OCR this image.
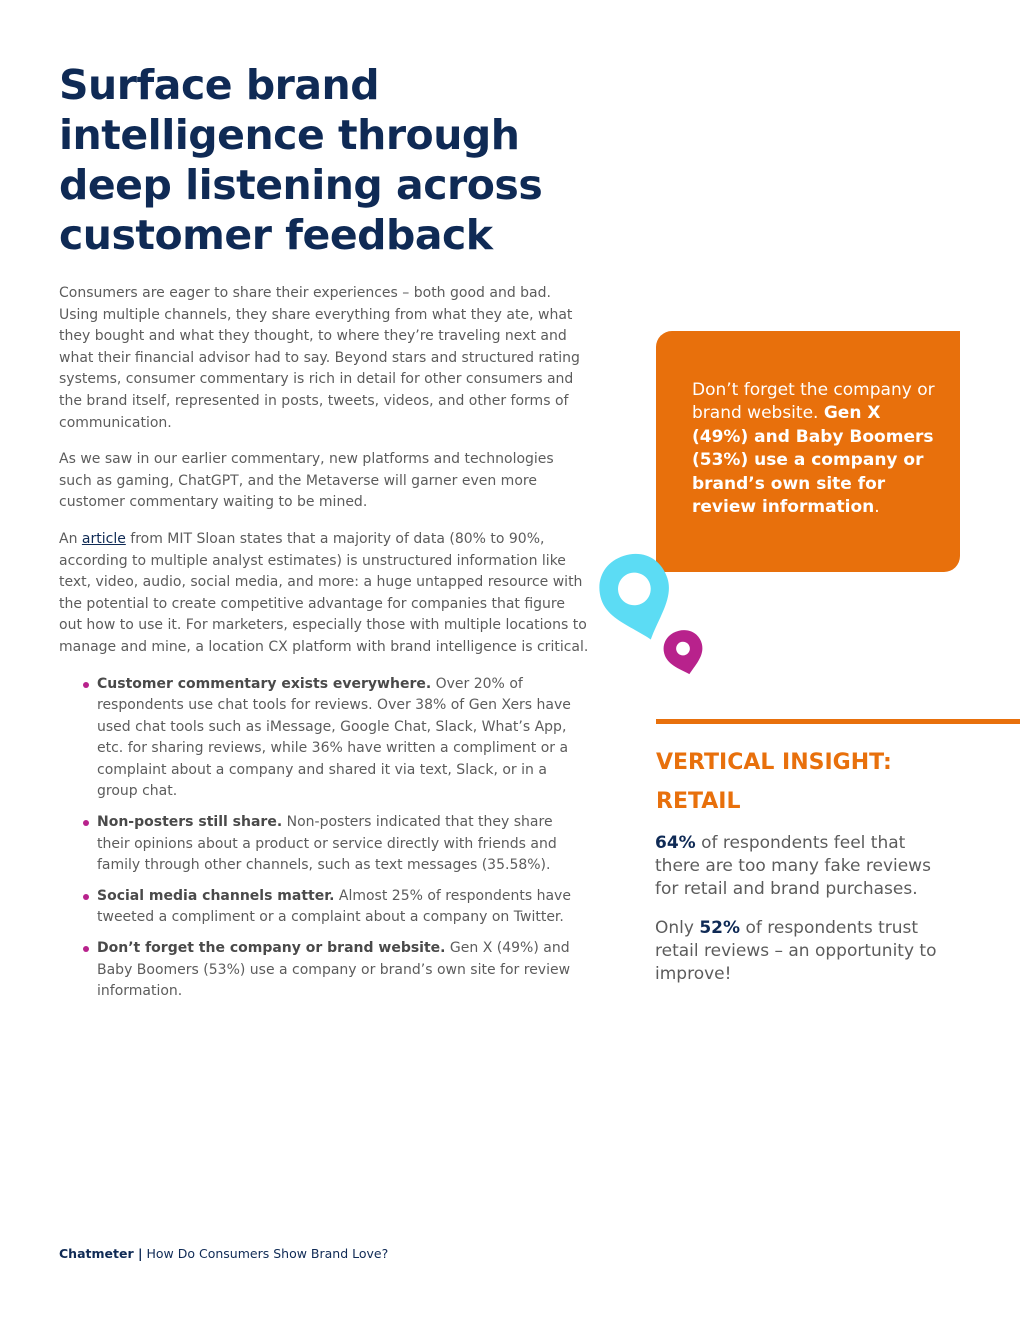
Surface brand intelligence through deep listening across customer feedback

Consumers are eager to share their experiences – both good and bad. Using multiple channels, they share everything from what they ate, what they bought and what they thought, to where they’re traveling next and what their financial advisor had to say. Beyond stars and structured rating systems, consumer commentary is rich in detail for other consumers and the brand itself, represented in posts, tweets, videos, and other forms of communication.

As we saw in our earlier commentary, new platforms and technologies such as gaming, ChatGPT, and the Metaverse will garner even more customer commentary waiting to be mined.

An article from MIT Sloan states that a majority of data (80% to 90%, according to multiple analyst estimates) is unstructured information like text, video, audio, social media, and more: a huge untapped resource with the potential to create competitive advantage for companies that figure out how to use it. For marketers, especially those with multiple locations to manage and mine, a location CX platform with brand intelligence is critical.

Customer commentary exists everywhere. Over 20% of respondents use chat tools for reviews. Over 38% of Gen Xers have used chat tools such as iMessage, Google Chat, Slack, What’s App, etc. for sharing reviews, while 36% have written a compliment or a complaint about a company and shared it via text, Slack, or in a group chat.
Non-posters still share. Non-posters indicated that they share their opinions about a product or service directly with friends and family through other channels, such as text messages (35.58%).
Social media channels matter. Almost 25% of respondents have tweeted a compliment or a complaint about a company on Twitter.
Don’t forget the company or brand website. Gen X (49%) and Baby Boomers (53%) use a company or brand’s own site for review information.
Don’t forget the company or brand website. Gen X (49%) and Baby Boomers (53%) use a company or brand’s own site for review information.
VERTICAL INSIGHT:
RETAIL

64% of respondents feel that there are too many fake reviews for retail and brand purchases.

Only 52% of respondents trust retail reviews – an opportunity to improve!

Chatmeter | How Do Consumers Show Brand Love?
